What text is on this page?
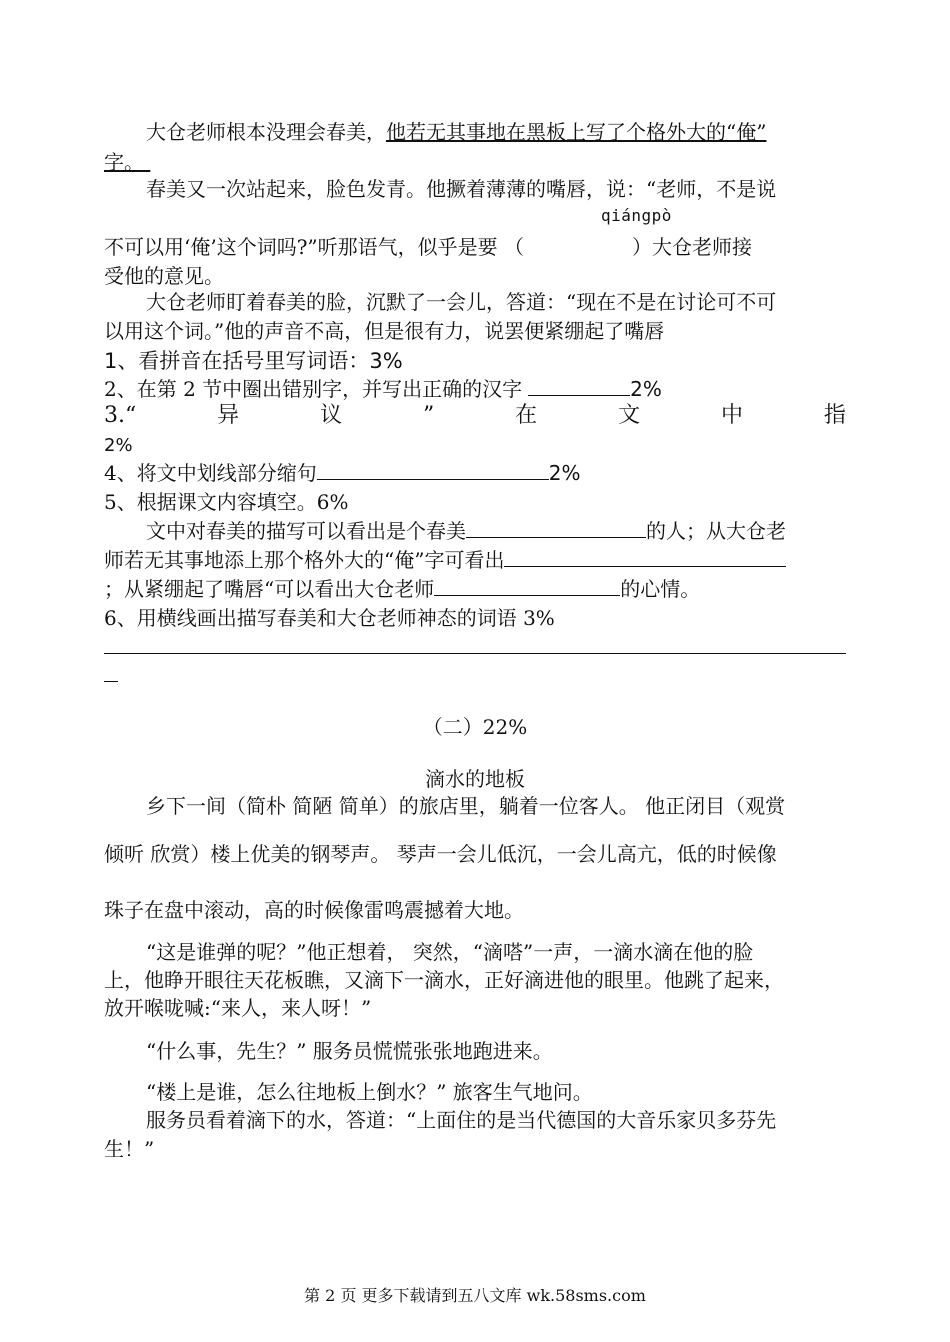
大仓老师根本没理会春美，他若无其事地在黑板上写了个格外大的“俺”
字。
春美又一次站起来，脸色发青。他撅着薄薄的嘴唇，说：“老师，不是说
qiángpò
不可以用‘俺’这个词吗?”听那语气，似乎是要 （	）大仓老师接
受他的意见。
大仓老师盯着春美的脸，沉默了一会儿，答道：“现在不是在讨论可不可
以用这个词。”他的声音不高，但是很有力，说罢便紧绷起了嘴唇
1、看拼音在括号里写词语：3%
2、在第 2 节中圈出错别字，并写出正确的汉字	2%
3.“	异	议	”	在	文	中	指
2%
4、将文中划线部分缩句	2%
5、根据课文内容填空。6%
文中对春美的描写可以看出是个春美	的人；从大仓老
师若无其事地添上那个格外大的“俺”字可看出
；从紧绷起了嘴唇“可以看出大仓老师	的心情。
6、用横线画出描写春美和大仓老师神态的词语 3%
（二）22%
滴水的地板
乡下一间（简朴 简陋 简单）的旅店里，躺着一位客人。 他正闭目（观赏
倾听 欣赏）楼上优美的钢琴声。 琴声一会儿低沉，一会儿高亢，低的时候像
珠子在盘中滚动，高的时候像雷鸣震撼着大地。
“这是谁弹的呢？”他正想着， 突然，“滴嗒”一声，一滴水滴在他的脸
上，他睁开眼往天花板瞧，又滴下一滴水，正好滴进他的眼里。他跳了起来，
放开喉咙喊:“来人，来人呀！”
“什么事，先生？” 服务员慌慌张张地跑进来。
“楼上是谁，怎么往地板上倒水？” 旅客生气地问。
服务员看着滴下的水，答道：“上面住的是当代德国的大音乐家贝多芬先
生！”
第 2 页 更多下载请到五八文库 wk.58sms.com
